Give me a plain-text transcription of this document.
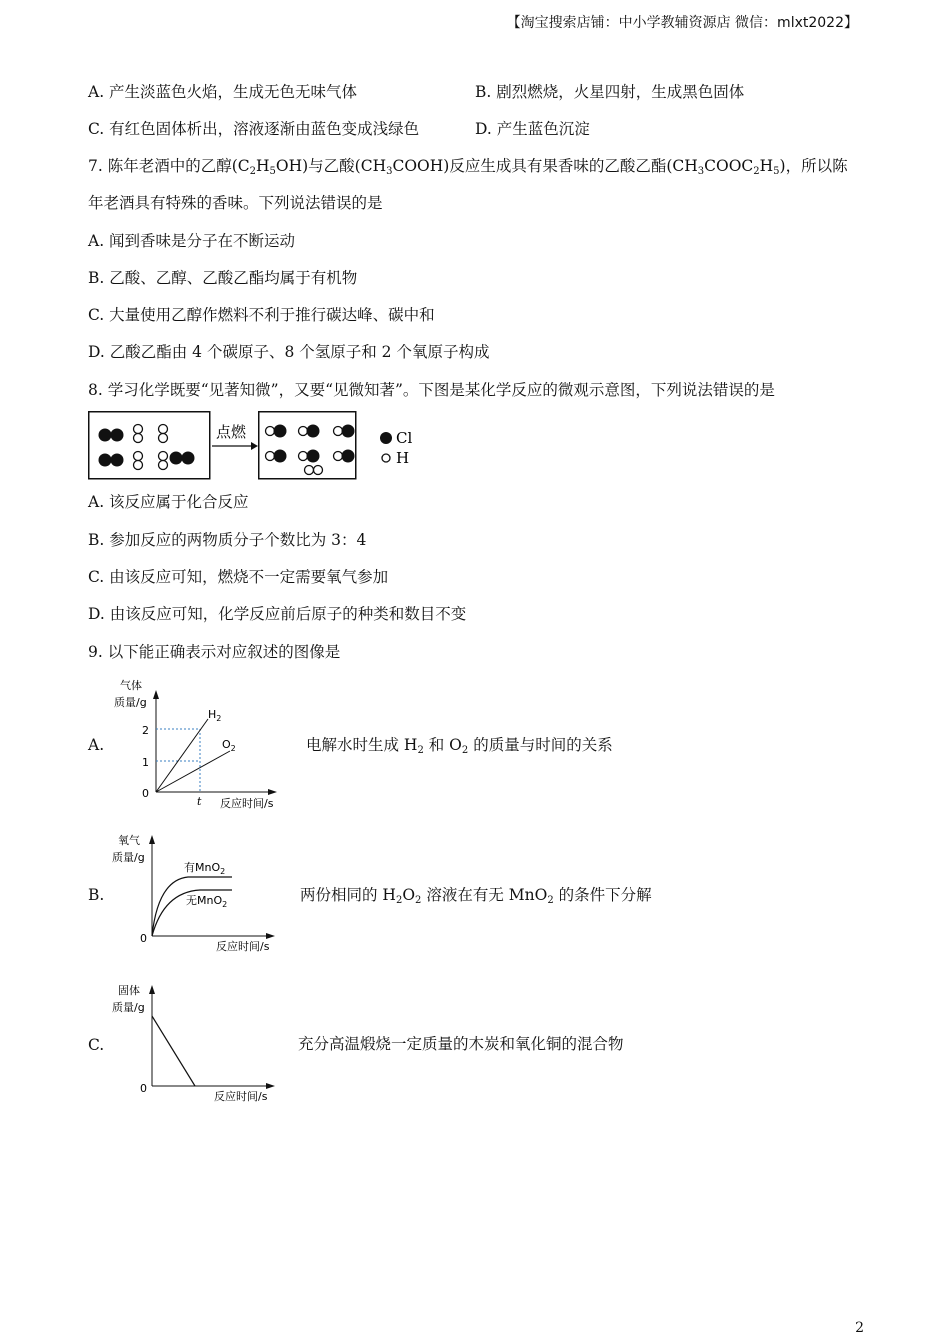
【淘宝搜索店铺：中小学教辅资源店 微信：mlxt2022】
A. 产生淡蓝色火焰，生成无色无味气体	B. 剧烈燃烧，火星四射，生成黑色固体
C. 有红色固体析出，溶液逐渐由蓝色变成浅绿色	D. 产生蓝色沉淀
7. 陈年老酒中的乙醇$(C_2H_5OH)$与乙酸$(CH_3COOH)$反应生成具有果香味的乙酸乙酯$(CH_3COOC_2H_5)$，所以陈
年老酒具有特殊的香味。下列说法错误的是
A. 闻到香味是分子在不断运动
B. 乙酸、乙醇、乙酸乙酯均属于有机物
C. 大量使用乙醇作燃料不利于推行碳达峰、碳中和
D. 乙酸乙酯由 4 个碳原子、8 个氢原子和 2 个氧原子构成
8. 学习化学既要“见著知微”，又要“见微知著”。下图是某化学反应的微观示意图，下列说法错误的是
点燃	Cl
H
A. 该反应属于化合反应
B. 参加反应的两物质分子个数比为 3：4
C. 由该反应可知，燃烧不一定需要氧气参加
D. 由该反应可知，化学反应前后原子的种类和数目不变
9. 以下能正确表示对应叙述的图像是
A.
气体
质量/g
2
1
0
t
$H_2$
$O_2$
反应时间/s
电解水时生成 $H_2$ 和 $O_2$ 的质量与时间的关系
B.
氧气
质量/g
0
有MnO$_2$
无MnO$_2$
反应时间/s
两份相同的 $H_2O_2$ 溶液在有无 MnO$_2$ 的条件下分解
C.
固体
质量/g
0
反应时间/s
充分高温煅烧一定质量的木炭和氧化铜的混合物
2
